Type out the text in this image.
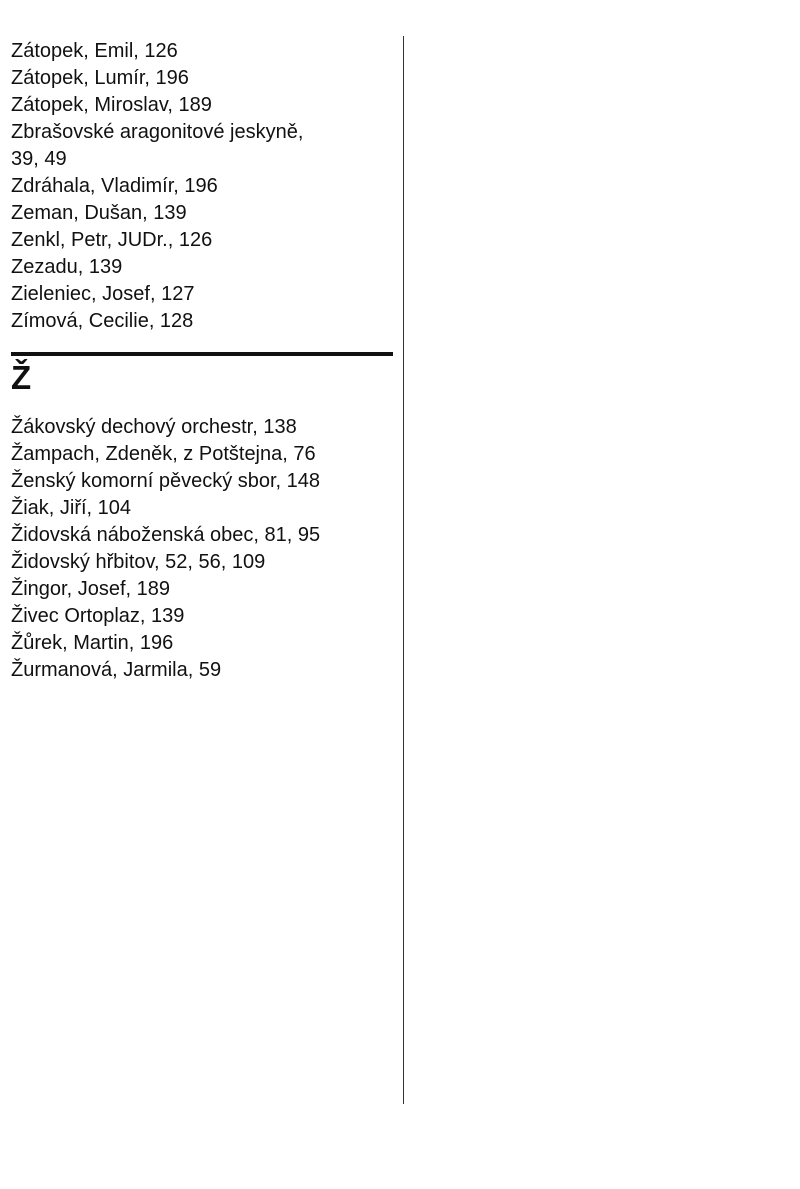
Zátopek, Emil, 126
Zátopek, Lumír, 196
Zátopek, Miroslav, 189
Zbrašovské aragonitové jeskyně,
39, 49
Zdráhala, Vladimír, 196
Zeman, Dušan, 139
Zenkl, Petr, JUDr., 126
Zezadu, 139
Zieleniec, Josef, 127
Zímová, Cecilie, 128
Ž
Žákovský dechový orchestr, 138
Žampach, Zdeněk, z Potštejna, 76
Ženský komorní pěvecký sbor, 148
Žiak, Jiří, 104
Židovská náboženská obec, 81, 95
Židovský hřbitov, 52, 56, 109
Žingor, Josef, 189
Živec Ortoplaz, 139
Žůrek, Martin, 196
Žurmanová, Jarmila, 59
